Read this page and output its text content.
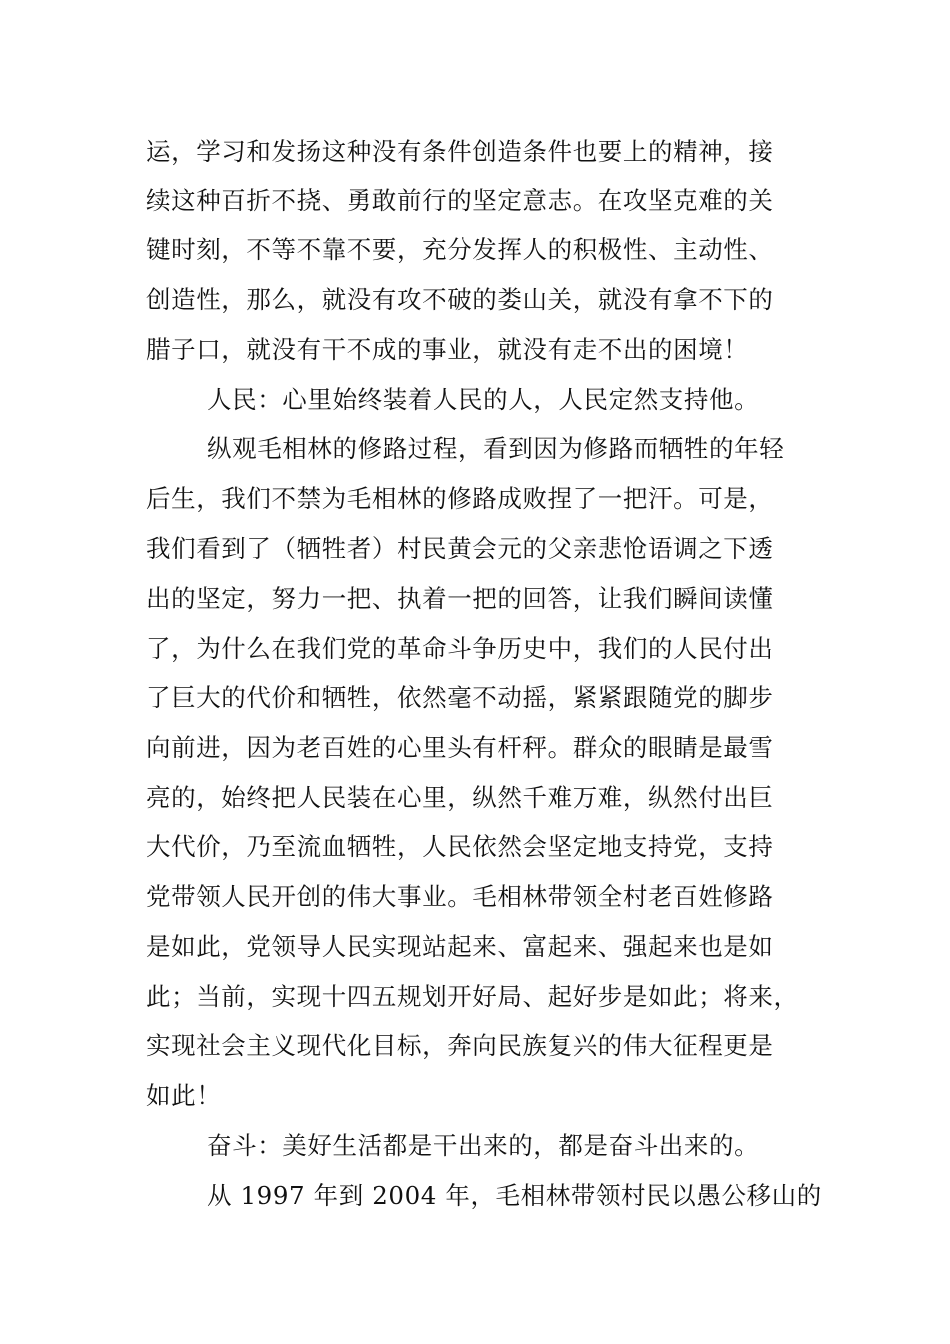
运，学习和发扬这种没有条件创造条件也要上的精神，接
续这种百折不挠、勇敢前行的坚定意志。在攻坚克难的关
键时刻，不等不靠不要，充分发挥人的积极性、主动性、
创造性，那么，就没有攻不破的娄山关，就没有拿不下的
腊子口，就没有干不成的事业，就没有走不出的困境！
人民：心里始终装着人民的人，人民定然支持他。
纵观毛相林的修路过程，看到因为修路而牺牲的年轻
后生，我们不禁为毛相林的修路成败捏了一把汗。可是，
我们看到了（牺牲者）村民黄会元的父亲悲怆语调之下透
出的坚定，努力一把、执着一把的回答，让我们瞬间读懂
了，为什么在我们党的革命斗争历史中，我们的人民付出
了巨大的代价和牺牲，依然毫不动摇，紧紧跟随党的脚步
向前进，因为老百姓的心里头有杆秤。群众的眼睛是最雪
亮的，始终把人民装在心里，纵然千难万难，纵然付出巨
大代价，乃至流血牺牲，人民依然会坚定地支持党，支持
党带领人民开创的伟大事业。毛相林带领全村老百姓修路
是如此，党领导人民实现站起来、富起来、强起来也是如
此；当前，实现十四五规划开好局、起好步是如此；将来，
实现社会主义现代化目标，奔向民族复兴的伟大征程更是
如此！
奋斗：美好生活都是干出来的，都是奋斗出来的。
从 1997 年到 2004 年，毛相林带领村民以愚公移山的
